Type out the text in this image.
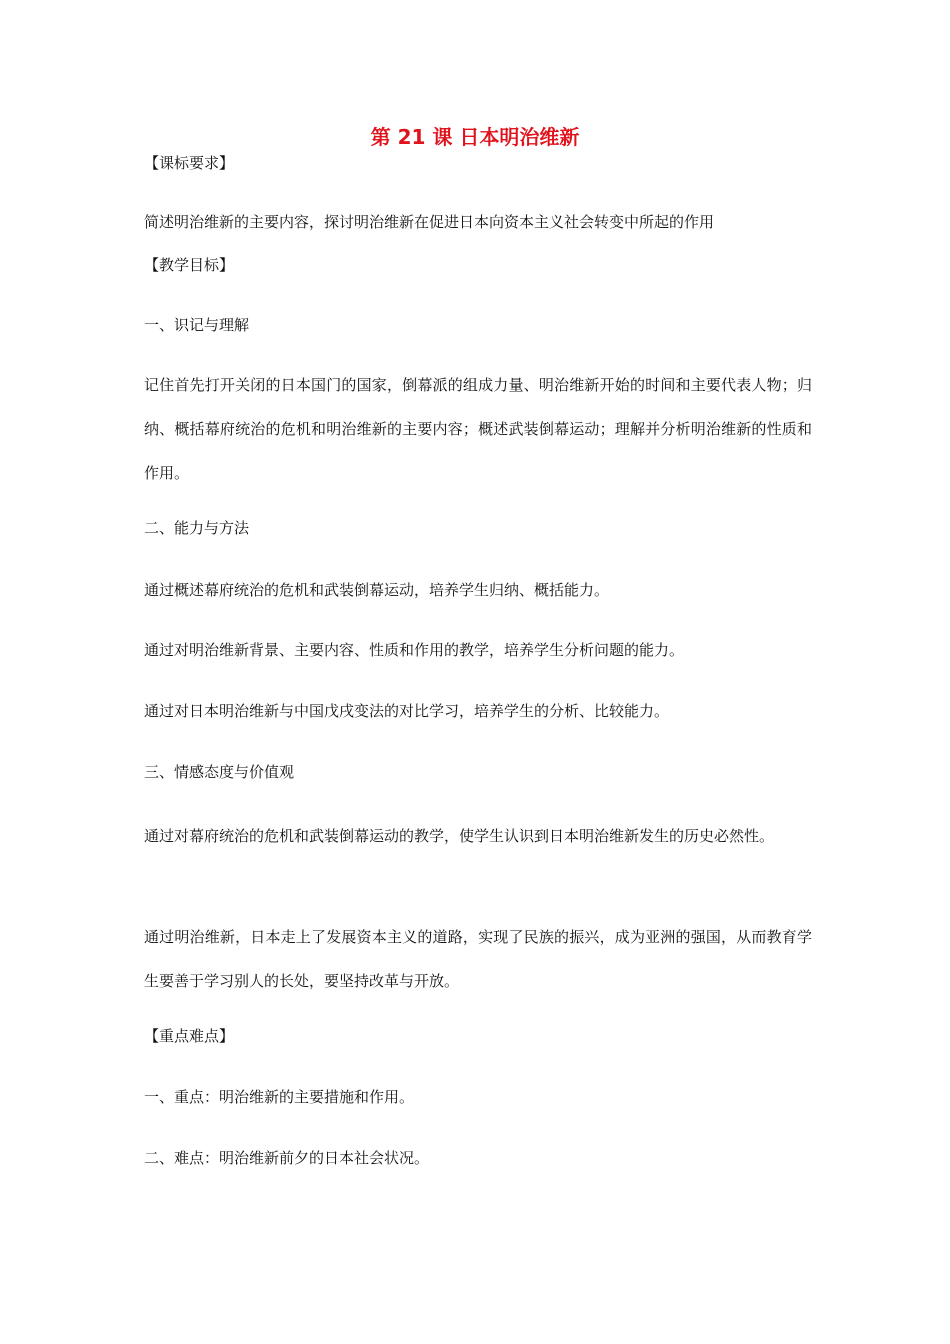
第 21 课 日本明治维新
【课标要求】
简述明治维新的主要内容，探讨明治维新在促进日本向资本主义社会转变中所起的作用
【教学目标】
一、识记与理解
记住首先打开关闭的日本国门的国家，倒幕派的组成力量、明治维新开始的时间和主要代表人物；归纳、概括幕府统治的危机和明治维新的主要内容；概述武装倒幕运动；理解并分析明治维新的性质和作用。
二、能力与方法
通过概述幕府统治的危机和武装倒幕运动，培养学生归纳、概括能力。
通过对明治维新背景、主要内容、性质和作用的教学，培养学生分析问题的能力。
通过对日本明治维新与中国戊戌变法的对比学习，培养学生的分析、比较能力。
三、情感态度与价值观
通过对幕府统治的危机和武装倒幕运动的教学，使学生认识到日本明治维新发生的历史必然性。
通过明治维新，日本走上了发展资本主义的道路，实现了民族的振兴，成为亚洲的强国，从而教育学生要善于学习别人的长处，要坚持改革与开放。
【重点难点】
一、重点：明治维新的主要措施和作用。
二、难点：明治维新前夕的日本社会状况。
